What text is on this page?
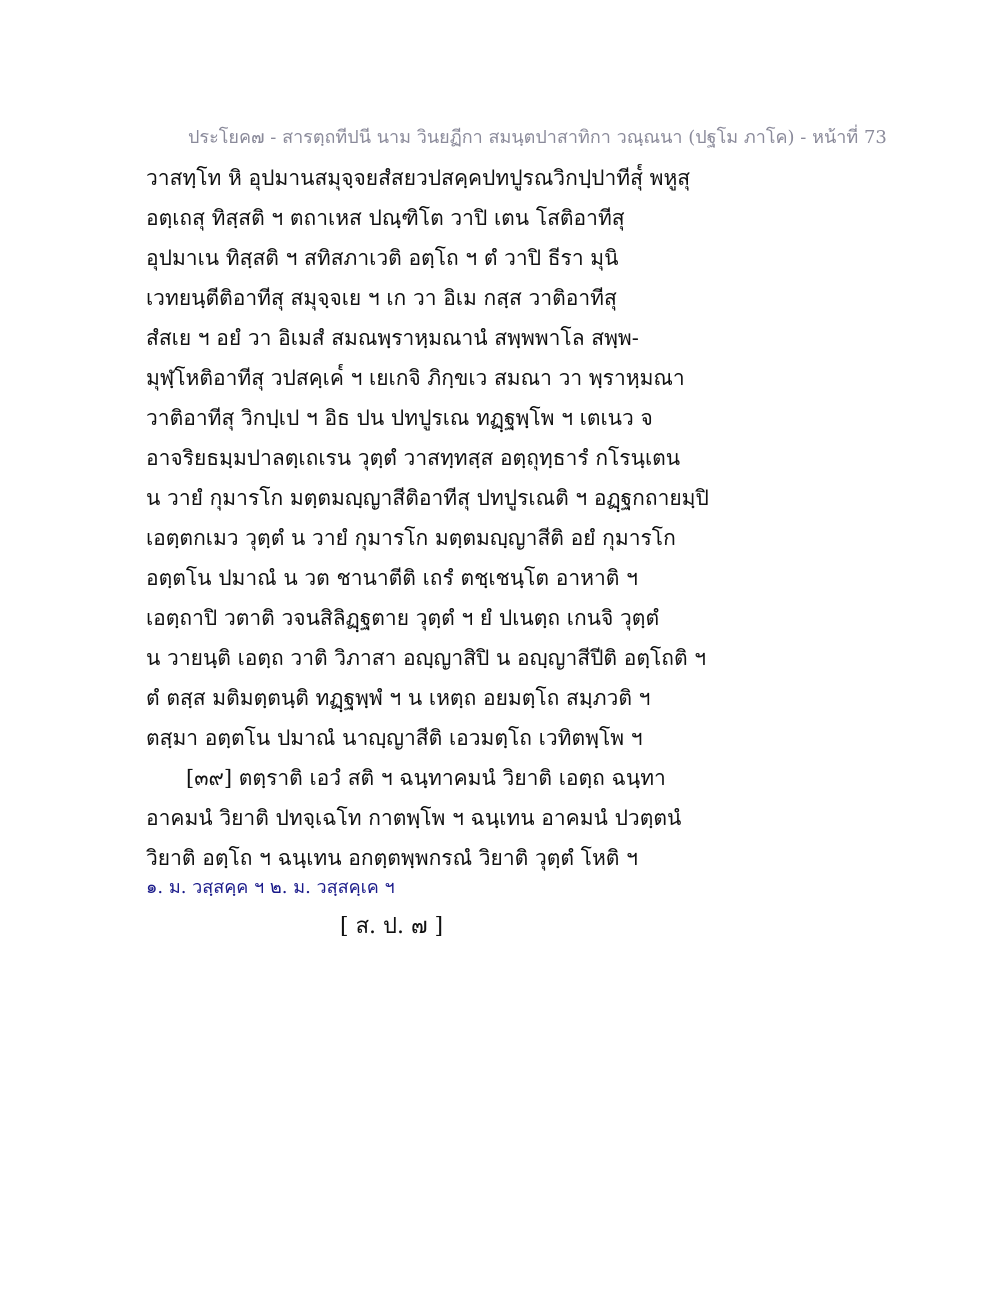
ประโยค๗ - สารตฺถทีปนี นาม วินยฏีกา สมนฺตปาสาทิกา วณฺณนา (ปฐโม ภาโค) - หน้าที่ 73
วาสทฺโท หิ อุปมานสมุจฺจยสํสยวปสคฺคปทปูรณวิกปฺปาทีสุ๎ พหูสุ
อตฺเถสุ ทิสฺสติ ฯ ตถาเหส ปณฺฑิโต วาปิ เตน โสติอาทีสุ
อุปมาเน ทิสฺสติ ฯ สทิสภาเวติ อตฺโถ ฯ ตํ วาปิ ธีรา มุนิ
เวทยนฺตีติอาทีสุ สมุจฺจเย ฯ เก วา อิเม กสฺส วาติอาทีสุ
สํสเย ฯ อยํ วา อิเมสํ สมณพฺราหฺมณานํ สพฺพพาโล สพฺพ-
มุฬฺโหติอาทีสุ วปสคฺเค๎ ฯ เยเกจิ ภิกฺขเว สมณา วา พฺราหฺมณา
วาติอาทีสุ วิกปฺเป ฯ อิธ ปน ปทปูรเณ ทฏฺฐพฺโพ ฯ เตเนว จ
อาจริยธมฺมปาลตฺเถเรน วุตฺตํ วาสทฺทสฺส อตฺถุทฺธารํ กโรนฺเตน
น วายํ กุมารโก มตฺตมญฺญาสีติอาทีสุ ปทปูรเณติ ฯ อฏฺฐกถายมฺปิ
เอตฺตกเมว วุตฺตํ น วายํ กุมารโก มตฺตมญฺญาสีติ อยํ กุมารโก
อตฺตโน ปมาณํ น วต ชานาตีติ เถรํ ตชฺเชนฺโต อาหาติ ฯ
เอตฺถาปิ วตาติ วจนสิลิฏฺฐตาย วุตฺตํ ฯ ยํ ปเนตฺถ เกนจิ วุตฺตํ
น วายนฺติ เอตฺถ วาติ วิภาสา อญฺญาสิปิ น อญฺญาสีปีติ อตฺโถติ ฯ
ตํ ตสฺส มติมตฺตนฺติ ทฏฺฐพฺพํ ฯ น เหตฺถ อยมตฺโถ สมฺภวติ ฯ
ตสฺมา อตฺตโน ปมาณํ นาญฺญาสีติ เอวมตฺโถ เวทิตพฺโพ ฯ
[๓๙] ตตฺราติ เอวํ สติ ฯ ฉนฺทาคมนํ วิยาติ เอตฺถ ฉนฺทา
อาคมนํ วิยาติ ปทจฺเฉโท กาตพฺโพ ฯ ฉนฺเทน อาคมนํ ปวตฺตนํ
วิยาติ อตฺโถ ฯ ฉนฺเทน อกตฺตพฺพกรณํ วิยาติ วุตฺตํ โหติ ฯ
๑. ม. วสฺสคฺค ฯ ๒. ม. วสฺสคฺเค ฯ
[ ส. ป. ๗ ]
